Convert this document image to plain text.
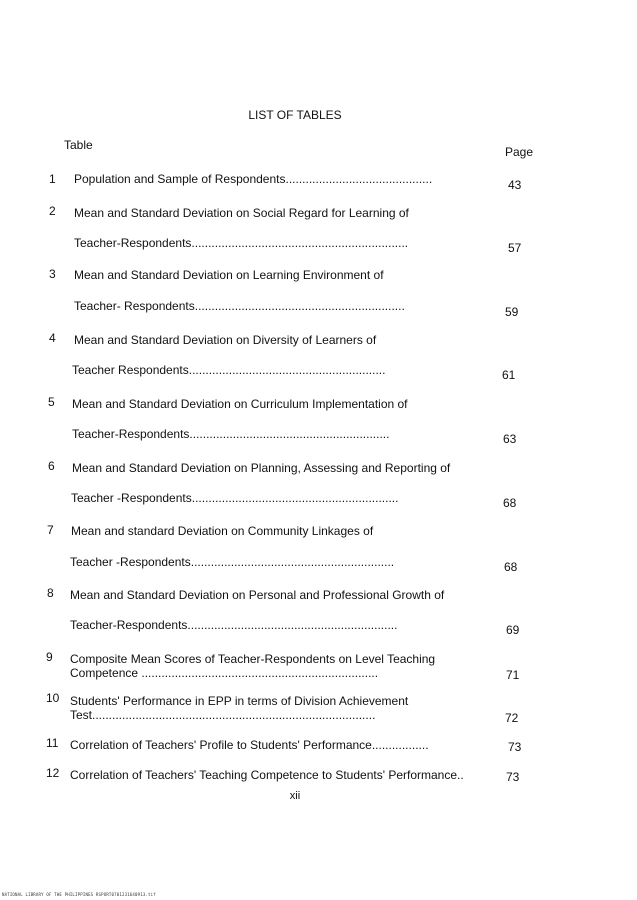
LIST OF TABLES
Table	Page
1 Population and Sample of Respondents............................................	43
2 Mean and Standard Deviation on Social Regard for Learning of
Teacher-Respondents.................................................................	57
3 Mean and Standard Deviation on Learning Environment of
Teacher- Respondents...............................................................	59
4 Mean and Standard Deviation on Diversity of Learners of
Teacher Respondents...........................................................	61
5 Mean and Standard Deviation on Curriculum Implementation of
Teacher-Respondents............................................................	63
6 Mean and Standard Deviation on Planning, Assessing and Reporting of
Teacher -Respondents..............................................................	68
7 Mean and standard Deviation on Community Linkages of
Teacher -Respondents.............................................................	68
8 Mean and Standard Deviation on Personal and Professional Growth of
Teacher-Respondents...............................................................	69
9 Composite Mean Scores of Teacher-Respondents on Level Teaching
Competence .......................................................................	71
10 Students' Performance in EPP in terms of Division Achievement
Test.....................................................................................	72
11 Correlation of Teachers' Profile to Students' Performance.................	73
12 Correlation of Teachers' Teaching Competence to Students' Performance..	73
xii
NATIONAL LIBRARY OF THE PHILIPPINES RSPORT0701231640913.tif
